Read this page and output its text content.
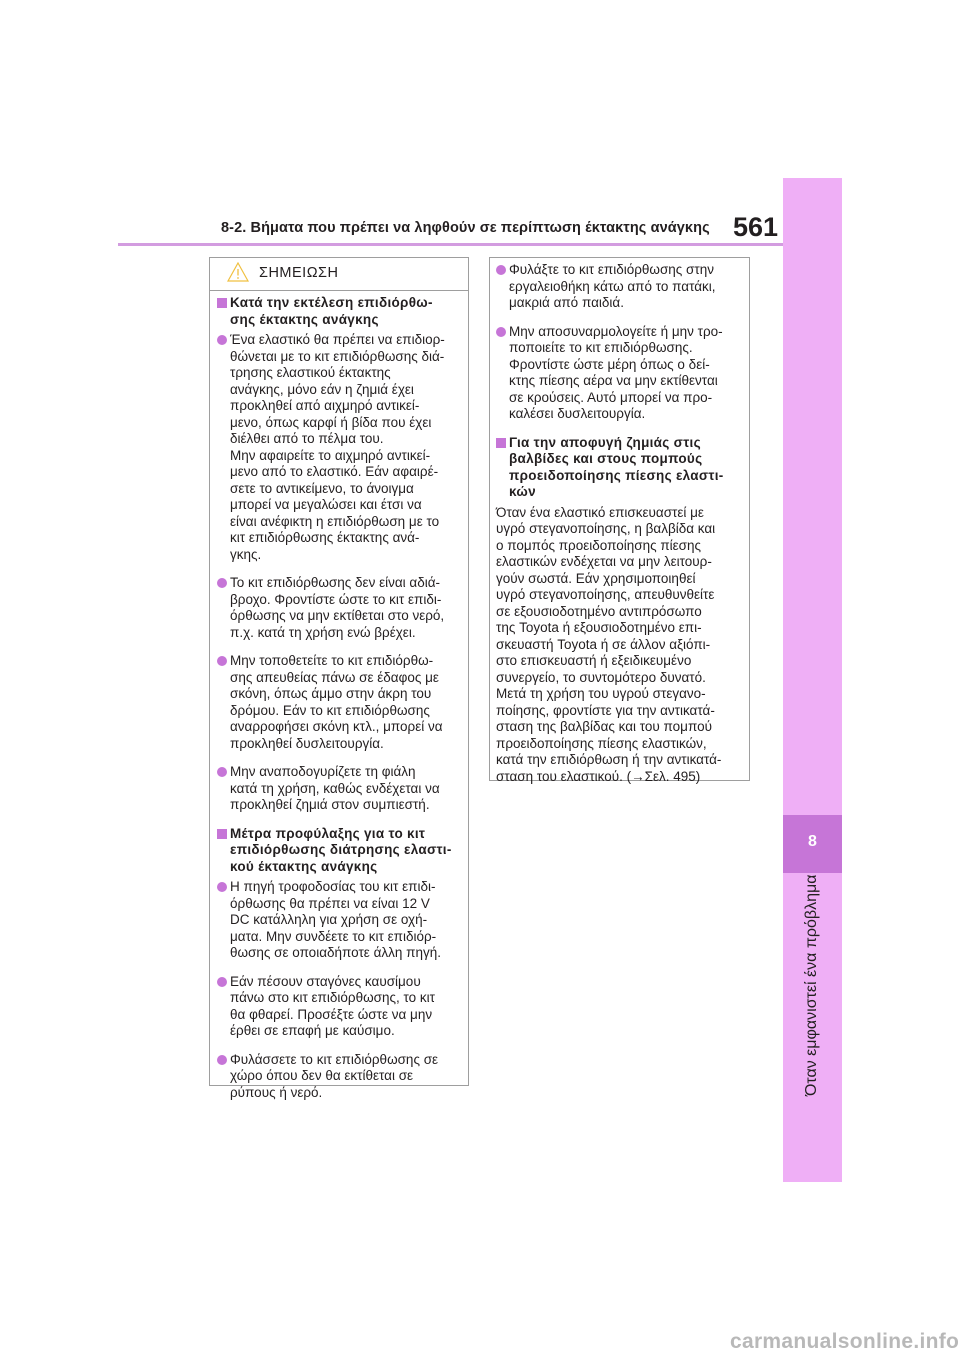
8-2. Βήματα που πρέπει να ληφθούν σε περίπτωση έκτακτης ανάγκης 561
8
Όταν εμφανιστεί ένα πρόβλημα
ΣΗΜΕΙΩΣΗ
Κατά την εκτέλεση επιδιόρθω-
σης έκτακτης ανάγκης
Ένα ελαστικό θα πρέπει να επιδιορ-
θώνεται με το κιτ επιδιόρθωσης διά-
τρησης ελαστικού έκτακτης
ανάγκης, μόνο εάν η ζημιά έχει
προκληθεί από αιχμηρό αντικεί-
μενο, όπως καρφί ή βίδα που έχει
διέλθει από το πέλμα του.
Μην αφαιρείτε το αιχμηρό αντικεί-
μενο από το ελαστικό. Εάν αφαιρέ-
σετε το αντικείμενο, το άνοιγμα
μπορεί να μεγαλώσει και έτσι να
είναι ανέφικτη η επιδιόρθωση με το
κιτ επιδιόρθωσης έκτακτης ανά-
γκης.
Το κιτ επιδιόρθωσης δεν είναι αδιά-
βροχο. Φροντίστε ώστε το κιτ επιδι-
όρθωσης να μην εκτίθεται στο νερό,
π.χ. κατά τη χρήση ενώ βρέχει.
Μην τοποθετείτε το κιτ επιδιόρθω-
σης απευθείας πάνω σε έδαφος με
σκόνη, όπως άμμο στην άκρη του
δρόμου. Εάν το κιτ επιδιόρθωσης
αναρροφήσει σκόνη κτλ., μπορεί να
προκληθεί δυσλειτουργία.
Μην αναποδογυρίζετε τη φιάλη
κατά τη χρήση, καθώς ενδέχεται να
προκληθεί ζημιά στον συμπιεστή.
Μέτρα προφύλαξης για το κιτ
επιδιόρθωσης διάτρησης ελαστι-
κού έκτακτης ανάγκης
Η πηγή τροφοδοσίας του κιτ επιδι-
όρθωσης θα πρέπει να είναι 12 V
DC κατάλληλη για χρήση σε οχή-
ματα. Μην συνδέετε το κιτ επιδιόρ-
θωσης σε οποιαδήποτε άλλη πηγή.
Εάν πέσουν σταγόνες καυσίμου
πάνω στο κιτ επιδιόρθωσης, το κιτ
θα φθαρεί. Προσέξτε ώστε να μην
έρθει σε επαφή με καύσιμο.
Φυλάσσετε το κιτ επιδιόρθωσης σε
χώρο όπου δεν θα εκτίθεται σε
ρύπους ή νερό.
Φυλάξτε το κιτ επιδιόρθωσης στην
εργαλειοθήκη κάτω από το πατάκι,
μακριά από παιδιά.
Μην αποσυναρμολογείτε ή μην τρο-
ποποιείτε το κιτ επιδιόρθωσης.
Φροντίστε ώστε μέρη όπως ο δεί-
κτης πίεσης αέρα να μην εκτίθενται
σε κρούσεις. Αυτό μπορεί να προ-
καλέσει δυσλειτουργία.
Για την αποφυγή ζημιάς στις
βαλβίδες και στους πομπούς
προειδοποίησης πίεσης ελαστι-
κών
Όταν ένα ελαστικό επισκευαστεί με
υγρό στεγανοποίησης, η βαλβίδα και
ο πομπός προειδοποίησης πίεσης
ελαστικών ενδέχεται να μην λειτουρ-
γούν σωστά. Εάν χρησιμοποιηθεί
υγρό στεγανοποίησης, απευθυνθείτε
σε εξουσιοδοτημένο αντιπρόσωπο
της Toyota ή εξουσιοδοτημένο επι-
σκευαστή Toyota ή σε άλλον αξιόπι-
στο επισκευαστή ή εξειδικευμένο
συνεργείο, το συντομότερο δυνατό.
Μετά τη χρήση του υγρού στεγανο-
ποίησης, φροντίστε για την αντικατά-
σταση της βαλβίδας και του πομπού
προειδοποίησης πίεσης ελαστικών,
κατά την επιδιόρθωση ή την αντικατά-
σταση του ελαστικού. (→Σελ. 495)
carmanualsonline.info
